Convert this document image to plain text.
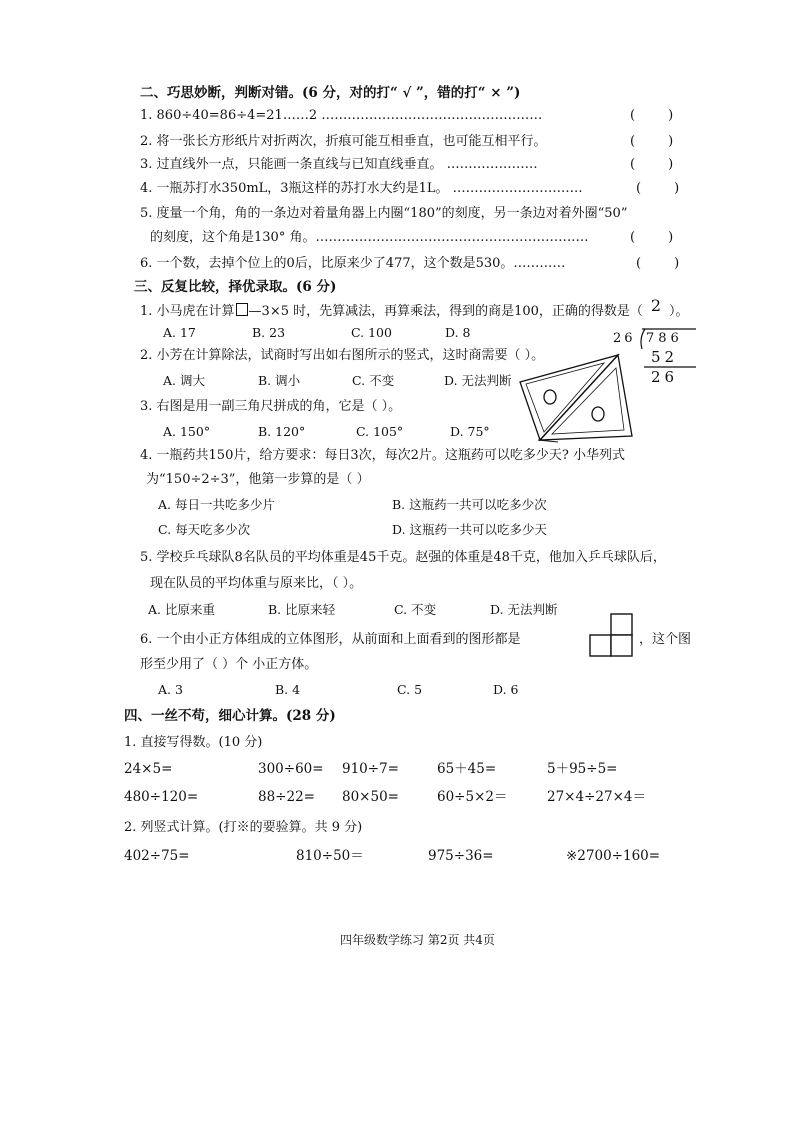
二、巧思妙断，判断对错。(6 分，对的打“ √ ”，错的打“ × ”)
1. 860÷40=86÷4=21……2 ……………………………………………	(        )
2. 将一张长方形纸片对折两次，折痕可能互相垂直，也可能互相平行。	(        )
3. 过直线外一点，只能画一条直线与已知直线垂直。 …………………	(        )
4. 一瓶苏打水350mL，3瓶这样的苏打水大约是1L。 …………………………	(        )
5. 度量一个角，角的一条边对着量角器上内圈“180”的刻度，另一条边对着外圈“50”
的刻度，这个角是130° 角。………………………………………………………	(        )
6. 一个数，去掉个位上的0后，比原来少了477，这个数是530。…………	(        )
三、反复比较，择优录取。(6 分)
1. 小马虎在计算 —3×5 时，先算减法，再算乘法，得到的商是100，正确的得数是（ 2 ）。
A. 17	B. 23	C. 100	D. 8
2. 小芳在计算除法，试商时写出如右图所示的竖式，这时商需要（ ）。
A. 调大	B. 调小	C. 不变	D. 无法判断
26 786
52
26
3. 右图是用一副三角尺拼成的角，它是（ ）。
A. 150°	B. 120°	C. 105°	D. 75°
4. 一瓶药共150片，给方要求：每日3次，每次2片。这瓶药可以吃多少天? 小华列式
为“150÷2÷3”，他第一步算的是（ ）
A. 每日一共吃多少片	B. 这瓶药一共可以吃多少次
C. 每天吃多少次	D. 这瓶药一共可以吃多少天
5. 学校乒乓球队8名队员的平均体重是45千克。赵强的体重是48千克，他加入乒乓球队后，
现在队员的平均体重与原来比，（ ）。
A. 比原来重	B. 比原来轻	C. 不变	D. 无法判断
6. 一个由小正方体组成的立体图形，从前面和上面看到的图形都是	，这个图
形至少用了（ ）个 小正方体。
A. 3	B. 4	C. 5	D. 6
四、一丝不苟，细心计算。(28 分)
1. 直接写得数。(10 分)
24×5=	300÷60= 910÷7=	65＋45=	5＋95÷5=
480÷120=	88÷22= 80×50=	60÷5×2＝	27×4÷27×4＝
2. 列竖式计算。(打※的要验算。共 9 分)
402÷75=	810÷50＝	975÷36=	※2700÷160=
四年级数学练习 第2页 共4页
